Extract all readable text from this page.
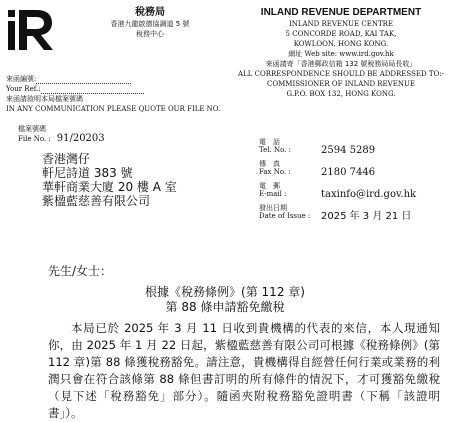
稅務局
香港九龍啟德協調道 5 號
稅務中心
INLAND REVENUE DEPARTMENT
INLAND REVENUE CENTRE
5 CONCORDE ROAD, KAI TAK,
KOWLOON, HONG KONG.
網址 Web site: www.ird.gov.hk
來函請寄「香港郵政信箱 132 號稅務局局長收」
ALL CORRESPONDENCE SHOULD BE ADDRESSED TO:-
COMMISSIONER OF INLAND REVENUE
G.P.O. BOX 132, HONG KONG.
來函編號:
Your Ref.:
來函請敘明本局檔案號碼
IN ANY COMMUNICATION PLEASE QUOTE OUR FILE NO.
檔案號碼
File No. : 91/20203
香港灣仔
軒尼詩道 383 號
華軒商業大廈 20 樓 A 室
紫楹藍慈善有限公司
電　話
Tel. No. :	2594 5289
傳　真
Fax No. :	2180 7446
電　郵
E-mail :	taxinfo@ird.gov.hk
發出日期
Date of Issue :	2025 年 3 月 21 日
先生/女士：
根據《稅務條例》(第 112 章)
第 88 條申請豁免繳稅
本局已於 2025 年 3 月 11 日收到貴機構的代表的來信，本人現通知你，由 2025 年 1 月 22 日起，紫楹藍慈善有限公司可根據《稅務條例》(第 112 章)第 88 條獲稅務豁免。請注意，貴機構得自經營任何行業或業務的利潤只會在符合該條第 88 條但書訂明的所有條件的情況下，才可獲豁免繳稅（見下述「稅務豁免」部分）。隨函夾附稅務豁免證明書（下稱「該證明書」）。
